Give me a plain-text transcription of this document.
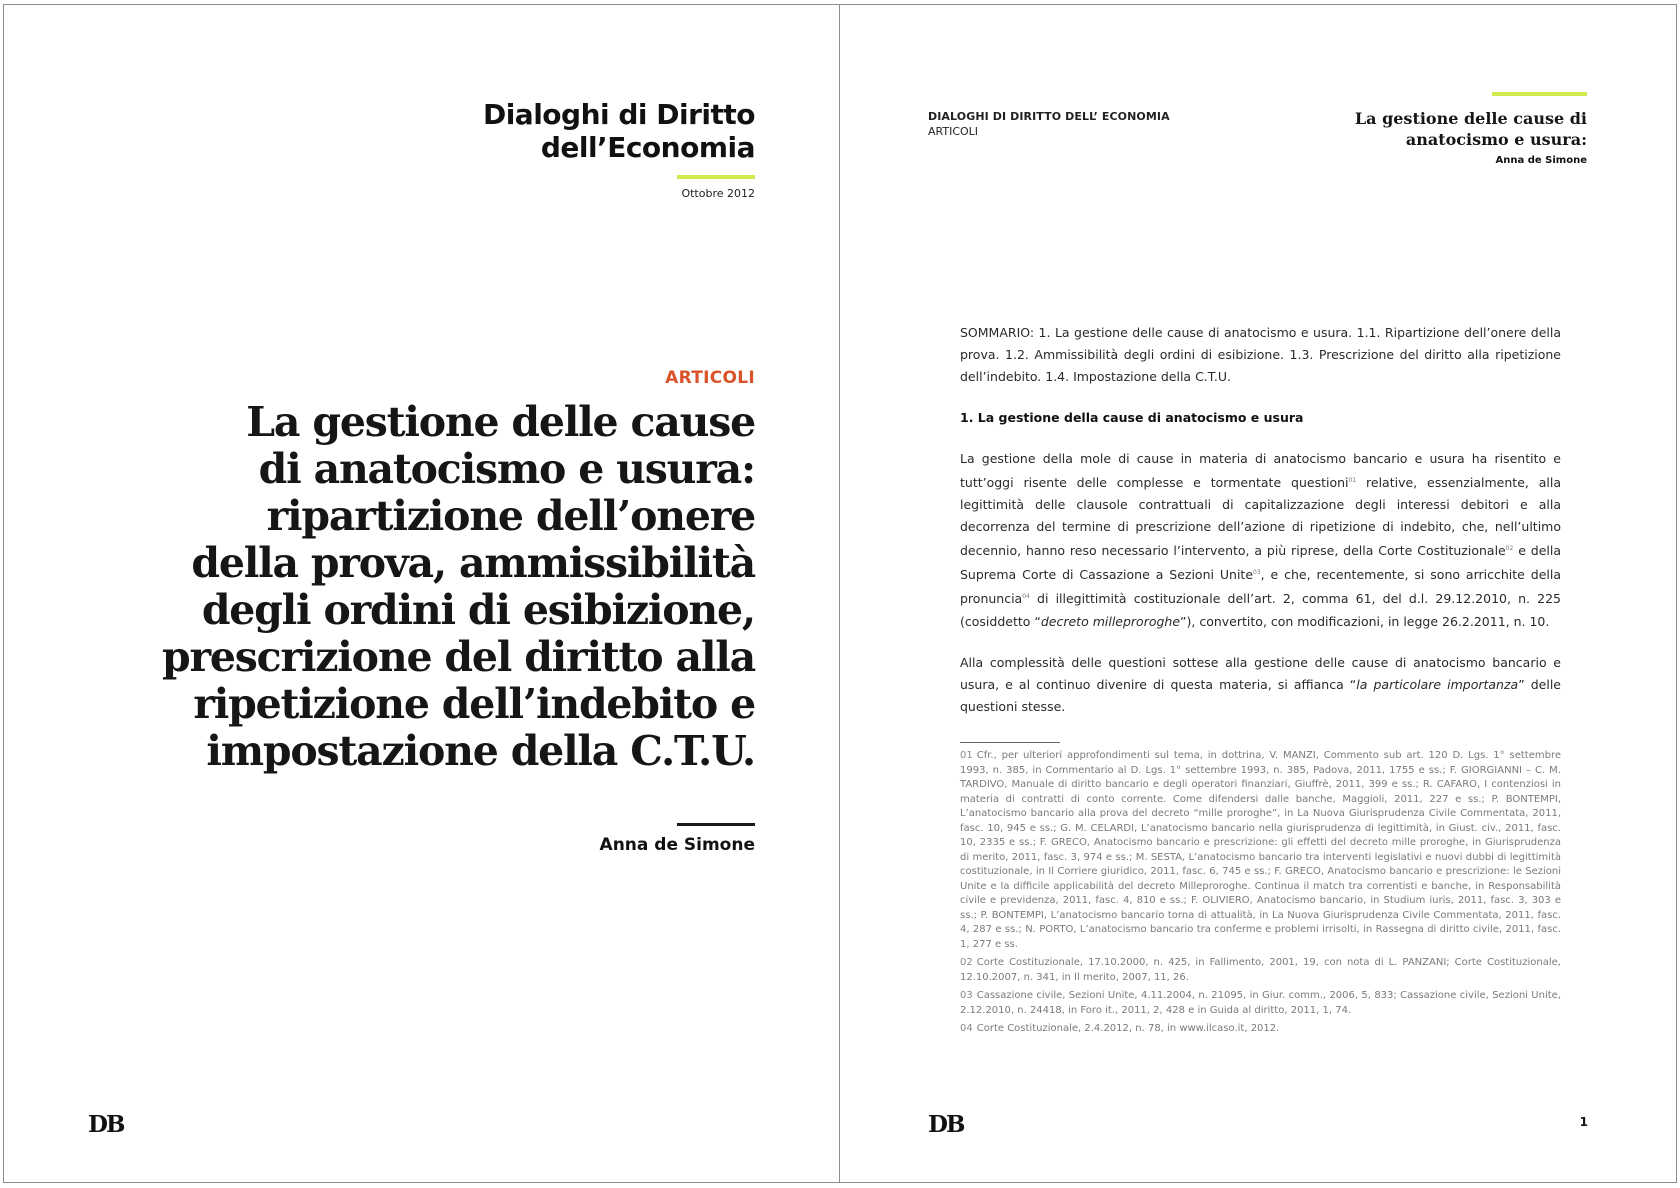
Dialoghi di Diritto
dell’Economia
Ottobre 2012
ARTICOLI
La gestione delle cause
di anatocismo e usura:
ripartizione dell’onere
della prova, ammissibilità
degli ordini di esibizione,
prescrizione del diritto alla
ripetizione dell’indebito e
impostazione della C.T.U.
Anna de Simone
DB
DIALOGHI DI DIRITTO DELL’ ECONOMIA
ARTICOLI
La gestione delle cause di
anatocismo e usura:
Anna de Simone

SOMMARIO: 1. La gestione delle cause di anatocismo e usura. 1.1. Ripartizione dell’onere della prova. 1.2. Ammissibilità degli ordini di esibizione. 1.3. Prescrizione del diritto alla ripetizione dell’indebito. 1.4. Impostazione della C.T.U.

1. La gestione della cause di anatocismo e usura

La gestione della mole di cause in materia di anatocismo bancario e usura ha risentito e tutt’oggi risente delle complesse e tormentate questioni$^{01}$ relative, essenzialmente, alla legittimità delle clausole contrattuali di capitalizzazione degli interessi debitori e alla decorrenza del termine di prescrizione dell’azione di ripetizione di indebito, che, nell’ultimo decennio, hanno reso necessario l’intervento, a più riprese, della Corte Costituzionale$^{02}$ e della Suprema Corte di Cassazione a Sezioni Unite$^{03}$, e che, recentemente, si sono arricchite della pronuncia$^{04}$ di illegittimità costituzionale dell’art. 2, comma 61, del d.l. 29.12.2010, n. 225 (cosiddetto “decreto milleproroghe”), convertito, con modificazioni, in legge 26.2.2011, n. 10.

Alla complessità delle questioni sottese alla gestione delle cause di anatocismo bancario e usura, e al continuo divenire di questa materia, si affianca “la particolare importanza” delle questioni stesse.

01 Cfr., per ulteriori approfondimenti sul tema, in dottrina, V. MANZI, Commento sub art. 120 D. Lgs. 1° settembre 1993, n. 385, in Commentario al D. Lgs. 1° settembre 1993, n. 385, Padova, 2011, 1755 e ss.; F. GIORGIANNI – C. M. TARDIVO, Manuale di diritto bancario e degli operatori finanziari, Giuffrè, 2011, 399 e ss.; R. CAFARO, I contenziosi in materia di contratti di conto corrente. Come difendersi dalle banche, Maggioli, 2011, 227 e ss.; P. BONTEMPI, L’anatocismo bancario alla prova del decreto “mille proroghe”, in La Nuova Giurisprudenza Civile Commentata, 2011, fasc. 10, 945 e ss.; G. M. CELARDI, L’anatocismo bancario nella giurisprudenza di legittimità, in Giust. civ., 2011, fasc. 10, 2335 e ss.; F. GRECO, Anatocismo bancario e prescrizione: gli effetti del decreto mille proroghe, in Giurisprudenza di merito, 2011, fasc. 3, 974 e ss.; M. SESTA, L’anatocismo bancario tra interventi legislativi e nuovi dubbi di legittimità costituzionale, in Il Corriere giuridico, 2011, fasc. 6, 745 e ss.; F. GRECO, Anatocismo bancario e prescrizione: le Sezioni Unite e la difficile applicabilità del decreto Milleproroghe. Continua il match tra correntisti e banche, in Responsabilità civile e previdenza, 2011, fasc. 4, 810 e ss.; F. OLIVIERO, Anatocismo bancario, in Studium iuris, 2011, fasc. 3, 303 e ss.; P. BONTEMPI, L’anatocismo bancario torna di attualità, in La Nuova Giurisprudenza Civile Commentata, 2011, fasc. 4, 287 e ss.; N. PORTO, L’anatocismo bancario tra conferme e problemi irrisolti, in Rassegna di diritto civile, 2011, fasc. 1, 277 e ss.

02 Corte Costituzionale, 17.10.2000, n. 425, in Fallimento, 2001, 19, con nota di L. PANZANI; Corte Costituzionale, 12.10.2007, n. 341, in Il merito, 2007, 11, 26.

03 Cassazione civile, Sezioni Unite, 4.11.2004, n. 21095, in Giur. comm., 2006, 5, 833; Cassazione civile, Sezioni Unite, 2.12.2010, n. 24418, in Foro it., 2011, 2, 428 e in Guida al diritto, 2011, 1, 74.

04 Corte Costituzionale, 2.4.2012, n. 78, in www.ilcaso.it, 2012.

DB	1
